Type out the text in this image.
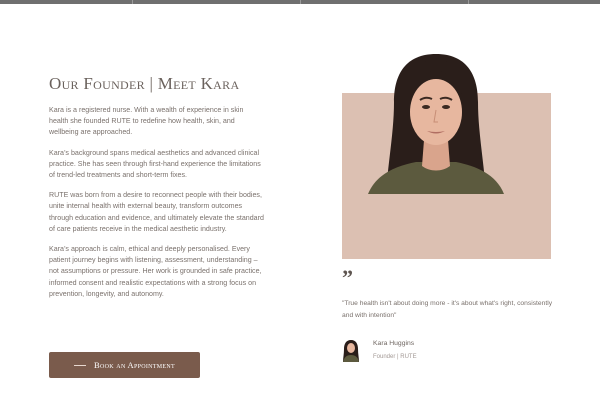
Our Founder | Meet Kara

Kara is a registered nurse. With a wealth of experience in skin health she founded RUTE to redefine how health, skin, and wellbeing are approached.

Kara’s background spans medical aesthetics and advanced clinical practice. She has seen through first-hand experience the limitations of trend-led treatments and short-term fixes.

RUTE was born from a desire to reconnect people with their bodies, unite internal health with external beauty, transform outcomes through education and evidence, and ultimately elevate the standard of care patients receive in the medical aesthetic industry.

Kara’s approach is calm, ethical and deeply personalised. Every patient journey begins with listening, assessment, understanding – not assumptions or pressure. Her work is grounded in safe practice, informed consent and realistic expectations with a strong focus on prevention, longevity, and autonomy.

Book an Appointment
”

"True health isn't about doing more - it's about what's right, consistently and with intention"

Kara Huggins
Founder | RUTE
